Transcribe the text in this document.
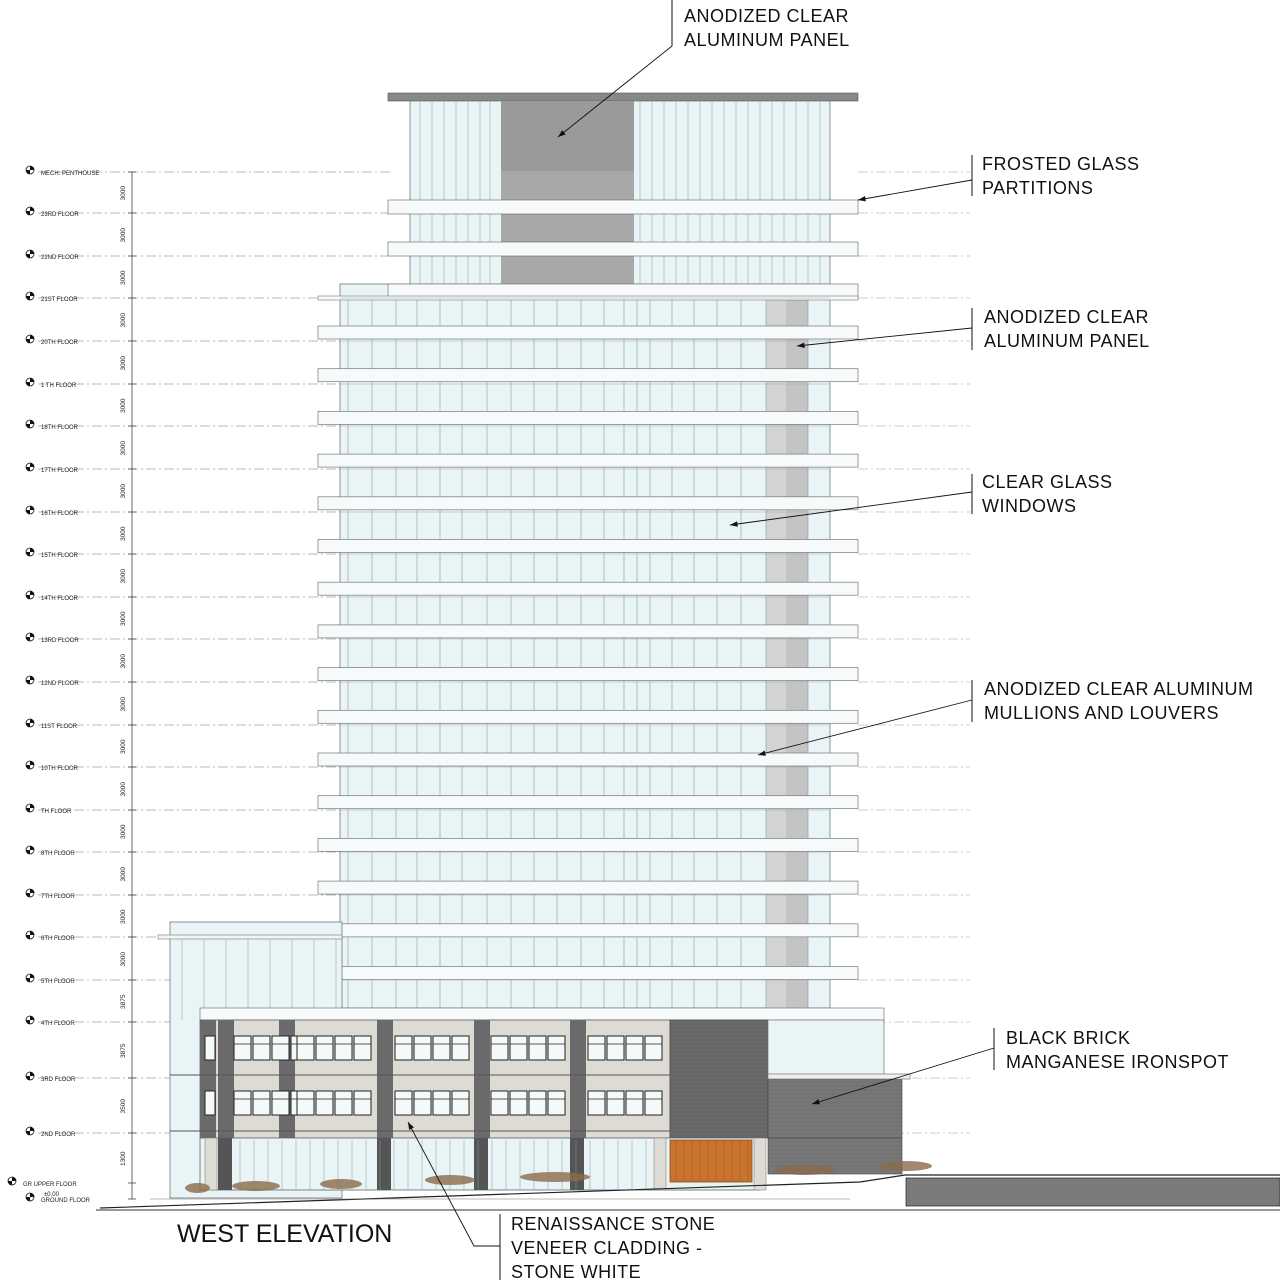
MECH. PENTHOUSE
3000
23RD FLOOR
3000
22ND FLOOR
3000
21ST FLOOR
3000
20TH FLOOR
3000
1 TH FLOOR
3000
18TH FLOOR
3000
17TH FLOOR
3000
16TH FLOOR
3000
15TH FLOOR
3000
14TH FLOOR
3000
13RD FLOOR
3000
12ND FLOOR
3000
11ST FLOOR
3000
10TH FLOOR
3000
TH FLOOR
3000
8TH FLOOR
3000
7TH FLOOR
3000
6TH FLOOR
3000
5TH FLOOR
3875
4TH FLOOR
3875
3RD FLOOR
3500
2ND FLOOR
1300
GR UPPER FLOOR
GROUND FLOOR
±0.00
ANODIZED CLEAR
ALUMINUM PANEL
FROSTED GLASS
PARTITIONS
ANODIZED CLEAR
ALUMINUM PANEL
CLEAR GLASS
WINDOWS
ANODIZED CLEAR ALUMINUM
MULLIONS AND LOUVERS
BLACK BRICK
MANGANESE IRONSPOT
RENAISSANCE STONE
VENEER CLADDING -
STONE WHITE
WEST ELEVATION
